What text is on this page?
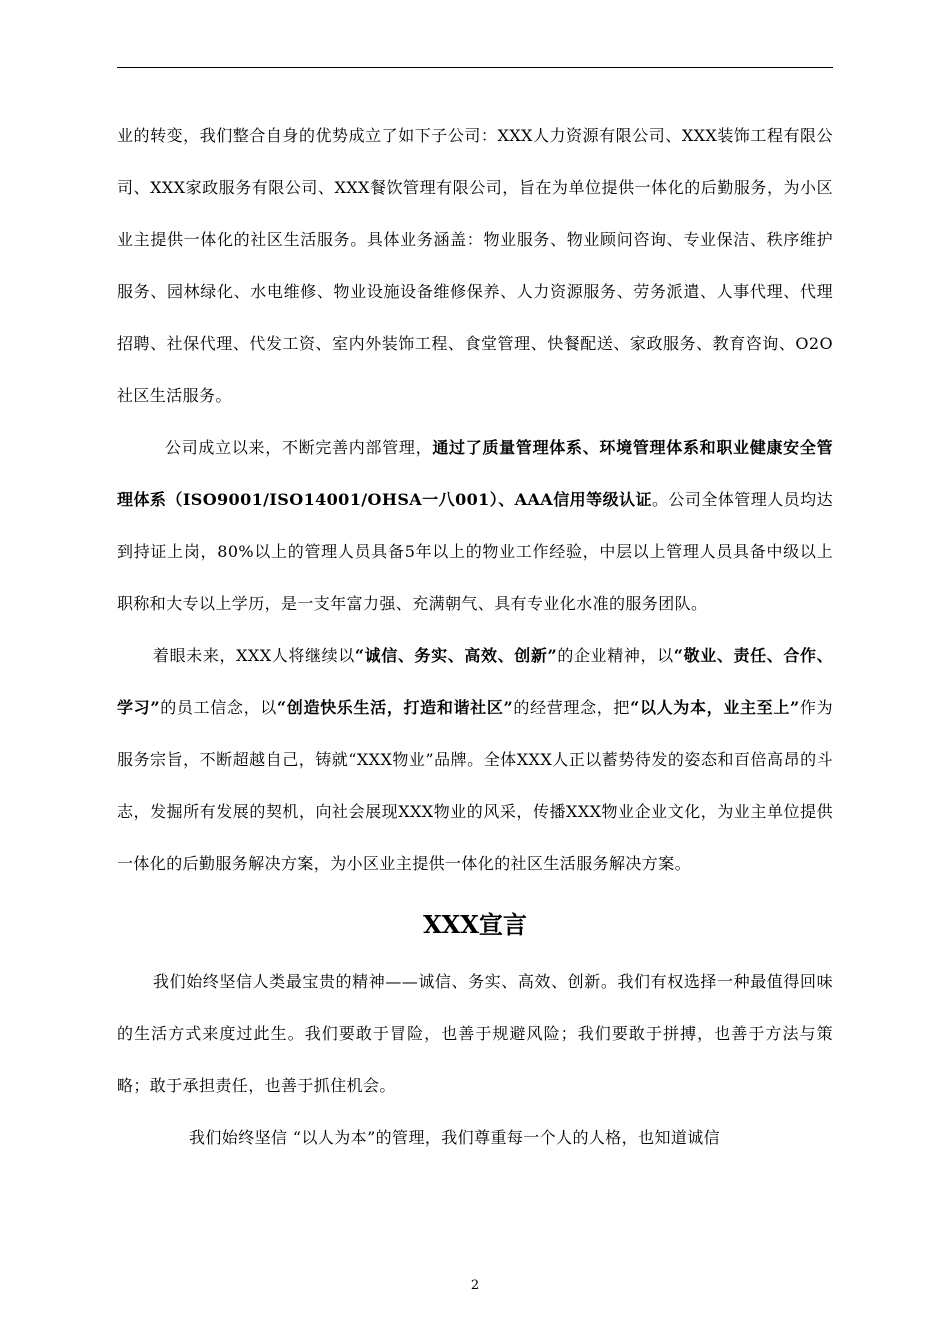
业的转变，我们整合自身的优势成立了如下子公司：XXX人力资源有限公司、XXX装饰工程有限公司、XXX家政服务有限公司、XXX餐饮管理有限公司，旨在为单位提供一体化的后勤服务，为小区业主提供一体化的社区生活服务。具体业务涵盖：物业服务、物业顾问咨询、专业保洁、秩序维护服务、园林绿化、水电维修、物业设施设备维修保养、人力资源服务、劳务派遣、人事代理、代理招聘、社保代理、代发工资、室内外装饰工程、食堂管理、快餐配送、家政服务、教育咨询、O2O社区生活服务。

公司成立以来，不断完善内部管理，通过了质量管理体系、环境管理体系和职业健康安全管理体系（ISO9001/ISO14001/OHSA一八001）、AAA信用等级认证。公司全体管理人员均达到持证上岗，80%以上的管理人员具备5年以上的物业工作经验，中层以上管理人员具备中级以上职称和大专以上学历，是一支年富力强、充满朝气、具有专业化水准的服务团队。

着眼未来，XXX人将继续以“诚信、务实、高效、创新”的企业精神，以“敬业、责任、合作、学习”的员工信念，以“创造快乐生活，打造和谐社区”的经营理念，把“以人为本，业主至上”作为服务宗旨，不断超越自己，铸就“XXX物业”品牌。全体XXX人正以蓄势待发的姿态和百倍高昂的斗志，发掘所有发展的契机，向社会展现XXX物业的风采，传播XXX物业企业文化，为业主单位提供一体化的后勤服务解决方案，为小区业主提供一体化的社区生活服务解决方案。

XXX宣言

我们始终坚信人类最宝贵的精神——诚信、务实、高效、创新。我们有权选择一种最值得回味的生活方式来度过此生。我们要敢于冒险，也善于规避风险；我们要敢于拼搏，也善于方法与策略；敢于承担责任，也善于抓住机会。

我们始终坚信 “以人为本”的管理，我们尊重每一个人的人格，也知道诚信

2
